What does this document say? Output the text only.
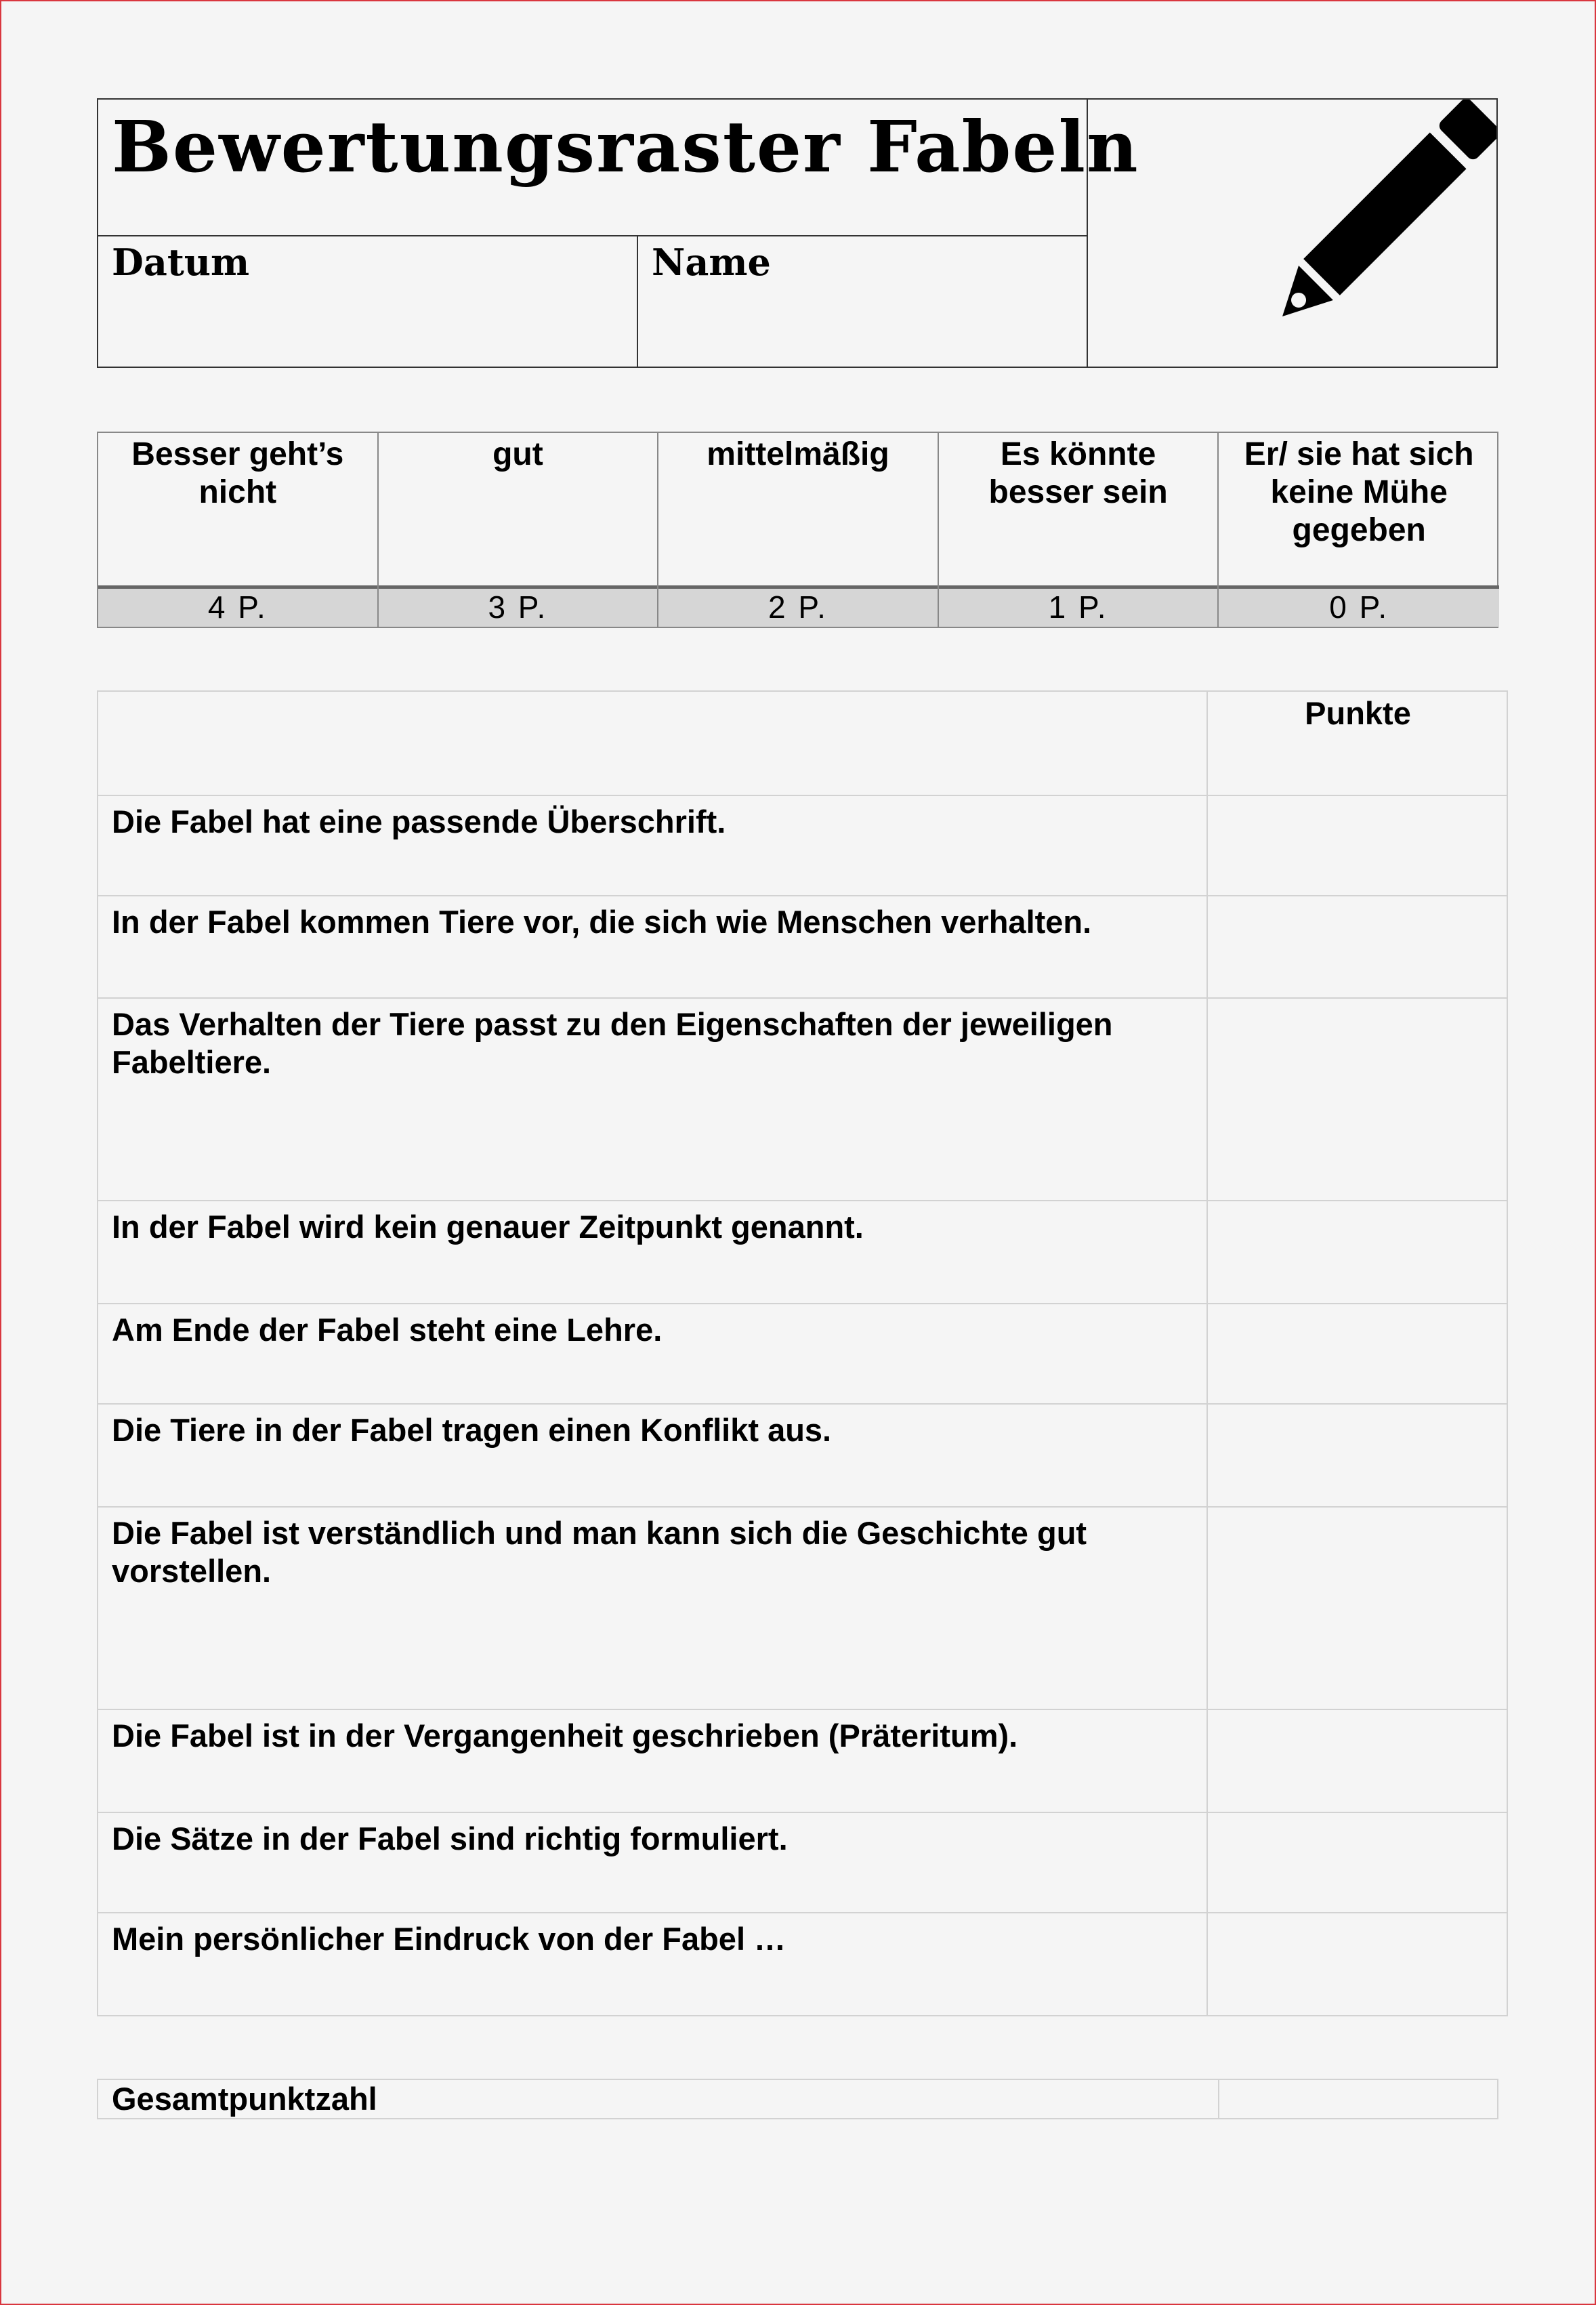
Bewertungsraster Fabeln
Datum	Name
Besser geht’s nicht
4 P.
gut
3 P.
mittelmäßig
2 P.
Es könnte besser sein
1 P.
Er/ sie hat sich keine Mühe gegeben
0 P.
Punkte
Die Fabel hat eine passende Überschrift.
In der Fabel kommen Tiere vor, die sich wie Menschen verhalten.
Das Verhalten der Tiere passt zu den Eigenschaften der jeweiligen Fabeltiere.
In der Fabel wird kein genauer Zeitpunkt genannt.
Am Ende der Fabel steht eine Lehre.
Die Tiere in der Fabel tragen einen Konflikt aus.
Die Fabel ist verständlich und man kann sich die Geschichte gut vorstellen.
Die Fabel ist in der Vergangenheit geschrieben (Präteritum).
Die Sätze in der Fabel sind richtig formuliert.
Mein persönlicher Eindruck von der Fabel …
Gesamtpunktzahl
